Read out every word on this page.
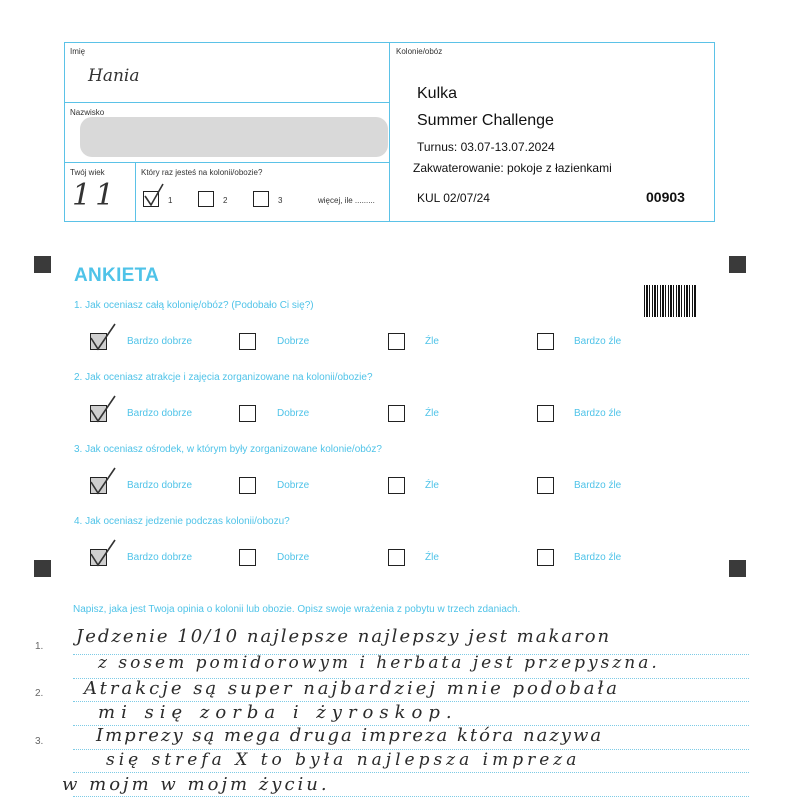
Imię
Hania
Nazwisko
Twój wiek
11
Który raz jesteś na kolonii/obozie?
1	2	3	więcej, ile .........
Kolonie/obóz
Kulka
Summer Challenge
Turnus: 03.07-13.07.2024
Zakwaterowanie: pokoje z łazienkami
KUL 02/07/24	00903
ANKIETA
1. Jak oceniasz całą kolonię/obóz? (Podobało Ci się?)
Bardzo dobrze	Dobrze	Źle	Bardzo źle
2. Jak oceniasz atrakcje i zajęcia zorganizowane na kolonii/obozie?
Bardzo dobrze	Dobrze	Źle	Bardzo źle
3. Jak oceniasz ośrodek, w którym były zorganizowane kolonie/obóz?
Bardzo dobrze	Dobrze	Źle	Bardzo źle
4. Jak oceniasz jedzenie podczas kolonii/obozu?
Bardzo dobrze	Dobrze	Źle	Bardzo źle
Napisz, jaka jest Twoja opinia o kolonii lub obozie. Opisz swoje wrażenia z pobytu w trzech zdaniach.
1.
2.
3.
Jedzenie 10/10 najlepsze najlepszy jest makaron
z sosem pomidorowym i herbata jest przepyszna.
Atrakcje są super najbardziej mnie podobała
mi się zorba i żyroskop.
Imprezy są mega druga impreza która nazywa
się strefa X to była najlepsza impreza
w mojm w mojm życiu.
